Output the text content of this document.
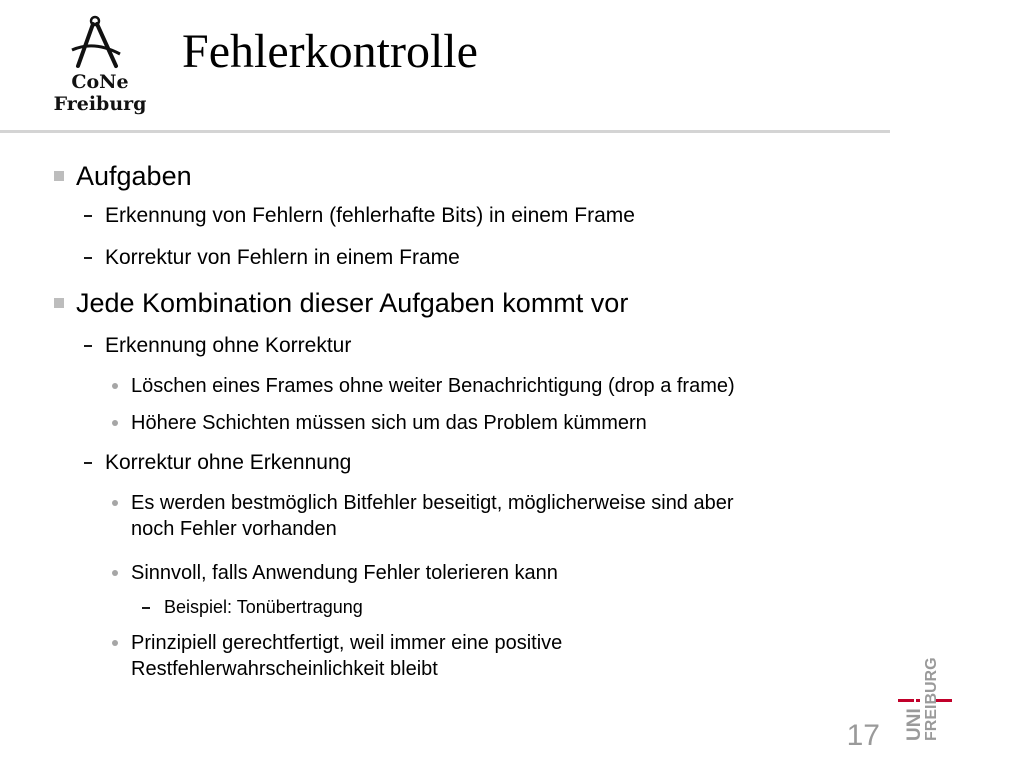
CoNe
Freiburg
Fehlerkontrolle
Aufgaben
Erkennung von Fehlern (fehlerhafte Bits) in einem Frame
Korrektur von Fehlern in einem Frame
Jede Kombination dieser Aufgaben kommt vor
Erkennung ohne Korrektur
Löschen eines Frames ohne weiter Benachrichtigung (drop a frame)
Höhere Schichten müssen sich um das Problem kümmern
Korrektur ohne Erkennung
Es werden bestmöglich Bitfehler beseitigt, möglicherweise sind aber
noch Fehler vorhanden
Sinnvoll, falls Anwendung Fehler tolerieren kann
Beispiel: Tonübertragung
Prinzipiell gerechtfertigt, weil immer eine positive
Restfehlerwahrscheinlichkeit bleibt
17 UNI
FREIBURG
